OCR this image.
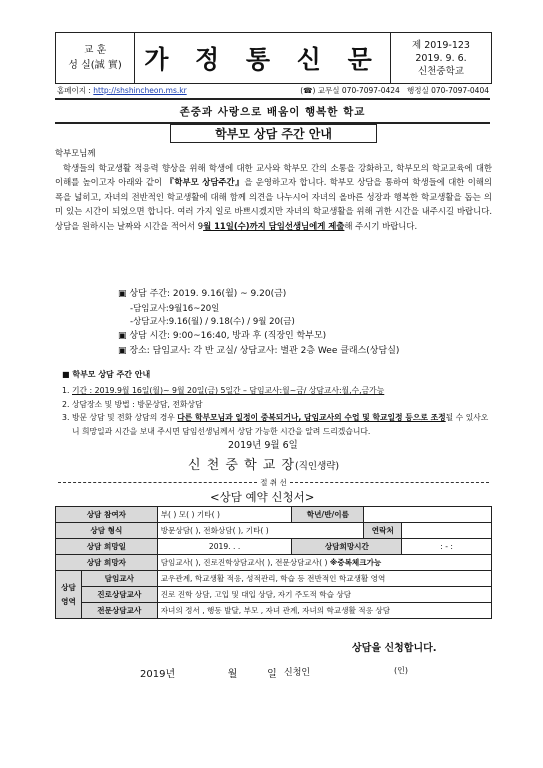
교 훈
성 실(誠 實) 가 정 통 신 문	제 2019-123
2019. 9. 6.
신천중학교
홈페이지 : http://shshincheon.ms.kr	(☎) 교무실 070-7097-0424 행정실 070-7097-0404
존중과 사랑으로 배움이 행복한 학교
학부모 상담 주간 안내
학부모님께

학생들의 학교생활 적응력 향상을 위해 학생에 대한 교사와 학부모 간의 소통을 강화하고, 학부모의 학교교육에 대한 이해를 높이고자 아래와 같이 『학부모 상담주간』을 운영하고자 합니다. 학부모 상담을 통하여 학생들에 대한 이해의 폭을 넓히고, 자녀의 전반적인 학교생활에 대해 함께 의견을 나누시어 자녀의 올바른 성장과 행복한 학교생활을 돕는 의미 있는 시간이 되었으면 합니다. 여러 가지 일로 바쁘시겠지만 자녀의 학교생활을 위해 귀한 시간을 내주시길 바랍니다. 상담을 원하시는 날짜와 시간을 적어서 9월 11일(수)까지 담임선생님에게 제출해 주시기 바랍니다.

▣ 상담 주간: 2019. 9.16(월) ~ 9.20(금)
-담임교사:9월16~20일
-상담교사:9.16(월) / 9.18(수) / 9월 20(금)
▣ 상담 시간: 9:00~16:40, 방과 후 (직장인 학부모)
▣ 장소: 담임교사: 각 반 교실/ 상담교사: 별관 2층 Wee 클래스(상담실)
■ 학부모 상담 주간 안내
1. 기간 : 2019.9월 16일(월)~ 9월 20일(금) 5일간 – 담임교사:월~금/ 상담교사:월,수,금가능
2. 상담장소 및 방법 : 방문상담, 전화상담
3. 방문 상담 및 전화 상담의 경우 다른 학부모님과 일정이 중복되거나, 담임교사의 수업 및 학교일정 등으로 조정될 수 있사오니 희망일과 시간을 보내 주시면 담임선생님께서 상담 가능한 시간을 알려 드리겠습니다.
2019년 9월 6일
신 천 중 학 교 장(직인생략)
절 취 선
<상담 예약 신청서>
상담 참여자		부( ) 모( ) 기타( )	학년/반/이름		
상담 형식		방문상담( ), 전화상담( ), 기타( )		연락처	
상담 희망일		2019. . .	상담희망시간		: - :
상담 희망자		담임교사( ), 진로진학상담교사( ), 전문상담교사( ) ※중복체크가능			
상담 영역	담임교사	교우관계, 학교생활 적응, 성적관리, 학습 등 전반적인 학교생활 영역			
	진로상담교사	진로 진학 상담, 고입 및 대입 상담, 자기 주도적 학습 상담			
	전문상담교사	자녀의 정서 , 행동 발달, 부모 , 자녀 관계, 자녀의 학교생활 적응 상담			
상담을 신청합니다.
2019년	월	일 신청인	(인)
